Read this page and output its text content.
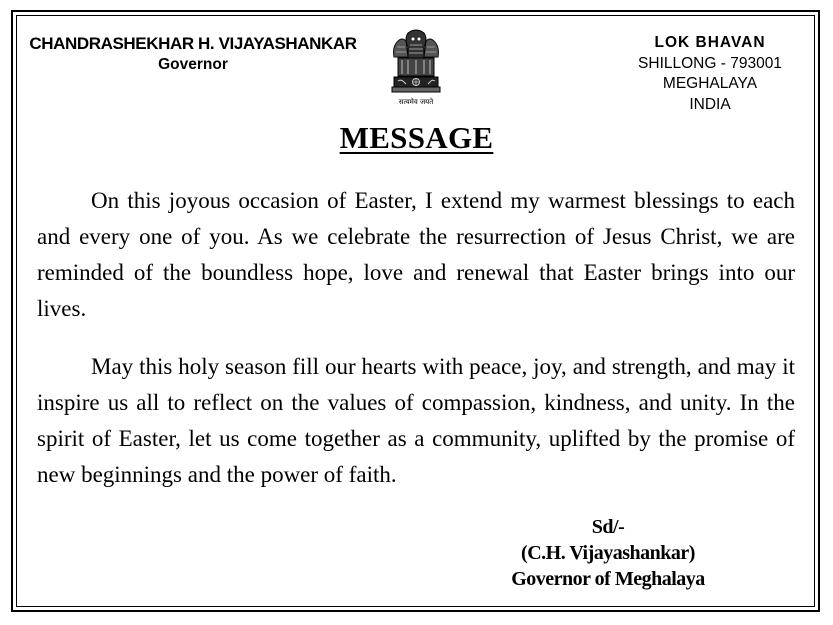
CHANDRASHEKHAR H. VIJAYASHANKAR
Governor
सत्यमेव जयते
LOK BHAVAN
SHILLONG - 793001
MEGHALAYA
INDIA
MESSAGE

On this joyous occasion of Easter, I extend my warmest blessings to each and every one of you. As we celebrate the resurrection of Jesus Christ, we are reminded of the boundless hope, love and renewal that Easter brings into our lives.

May this holy season fill our hearts with peace, joy, and strength, and may it inspire us all to reflect on the values of compassion, kindness, and unity. In the spirit of Easter, let us come together as a community, uplifted by the promise of new beginnings and the power of faith.

Sd/-
(C.H. Vijayashankar)
Governor of Meghalaya
